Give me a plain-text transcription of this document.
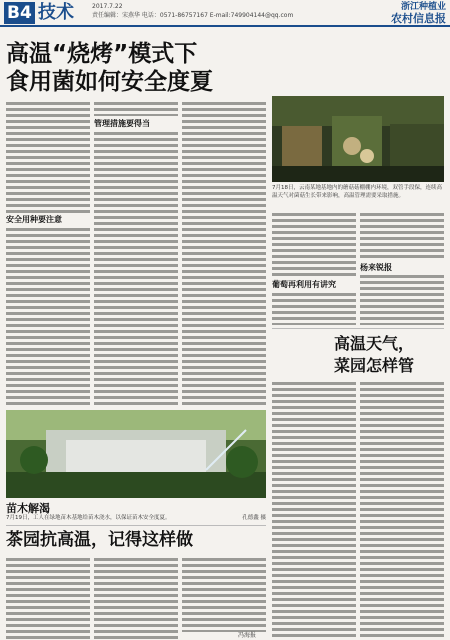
B4 技术	2017.7.22
责任编辑：宋燕华 电话：0571-86757167 E-mail:749904144@qq.com
浙江种植业
农村信息报
高温“烧烤”模式下
食用菌如何安全度夏
安全用种要注意
管理措施要得当
7月18日，云南某地基地内的蘑菇菇棚棚内环境，双管手段保，连续高温天气对菌菇生长带来影响，高温管理需要采取措施。
杨来锐报
葡萄再利用有讲究
高温天气，
菜园怎样管
苗木解渴
7月19日，工人在绿地苗木基地给苗木浇水，以保证苗木安全度夏。	孔德鑫 摄
茶园抗高温，记得这样做
冯海报
